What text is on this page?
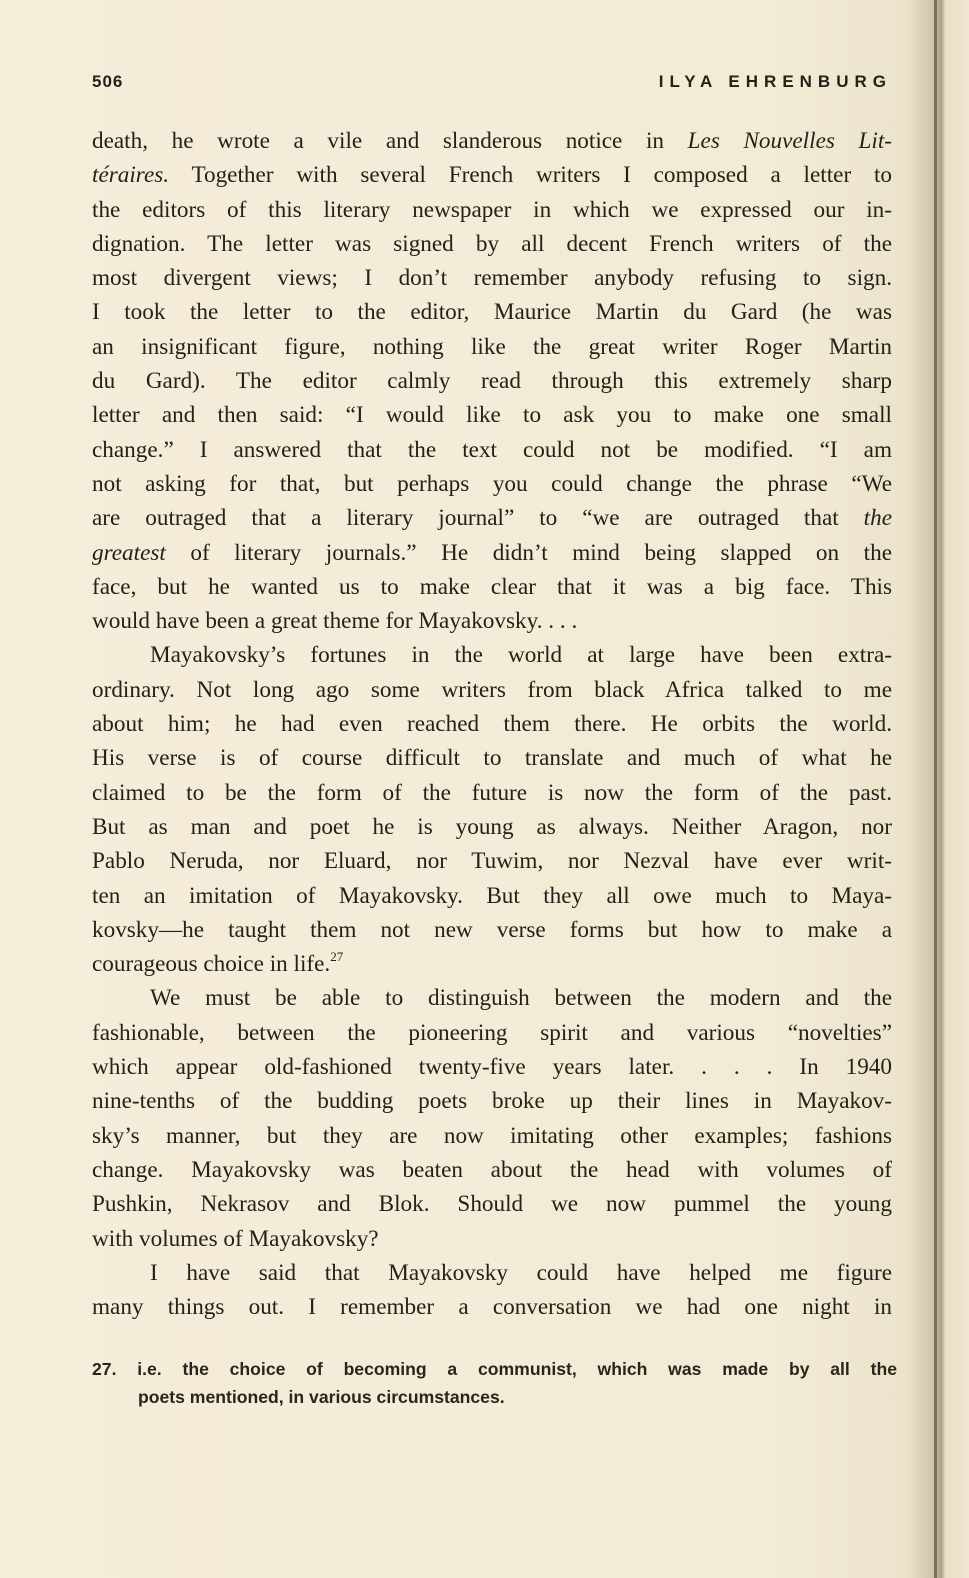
506	ILYA EHRENBURG
death, he wrote a vile and slanderous notice in Les Nouvelles Lit-
téraires. Together with several French writers I composed a letter to
the editors of this literary newspaper in which we expressed our in-
dignation. The letter was signed by all decent French writers of the
most divergent views; I don’t remember anybody refusing to sign.
I took the letter to the editor, Maurice Martin du Gard (he was
an insignificant figure, nothing like the great writer Roger Martin
du Gard). The editor calmly read through this extremely sharp
letter and then said: “I would like to ask you to make one small
change.” I answered that the text could not be modified. “I am
not asking for that, but perhaps you could change the phrase “We
are outraged that a literary journal” to “we are outraged that the
greatest of literary journals.” He didn’t mind being slapped on the
face, but he wanted us to make clear that it was a big face. This
would have been a great theme for Mayakovsky. . . .
Mayakovsky’s fortunes in the world at large have been extra-
ordinary. Not long ago some writers from black Africa talked to me
about him; he had even reached them there. He orbits the world.
His verse is of course difficult to translate and much of what he
claimed to be the form of the future is now the form of the past.
But as man and poet he is young as always. Neither Aragon, nor
Pablo Neruda, nor Eluard, nor Tuwim, nor Nezval have ever writ-
ten an imitation of Mayakovsky. But they all owe much to Maya-
kovsky—he taught them not new verse forms but how to make a
courageous choice in life.$^{27}$
We must be able to distinguish between the modern and the
fashionable, between the pioneering spirit and various “novelties”
which appear old-fashioned twenty-five years later. . . . In 1940
nine-tenths of the budding poets broke up their lines in Mayakov-
sky’s manner, but they are now imitating other examples; fashions
change. Mayakovsky was beaten about the head with volumes of
Pushkin, Nekrasov and Blok. Should we now pummel the young
with volumes of Mayakovsky?
I have said that Mayakovsky could have helped me figure
many things out. I remember a conversation we had one night in
27. i.e. the choice of becoming a communist, which was made by all the
poets mentioned, in various circumstances.
